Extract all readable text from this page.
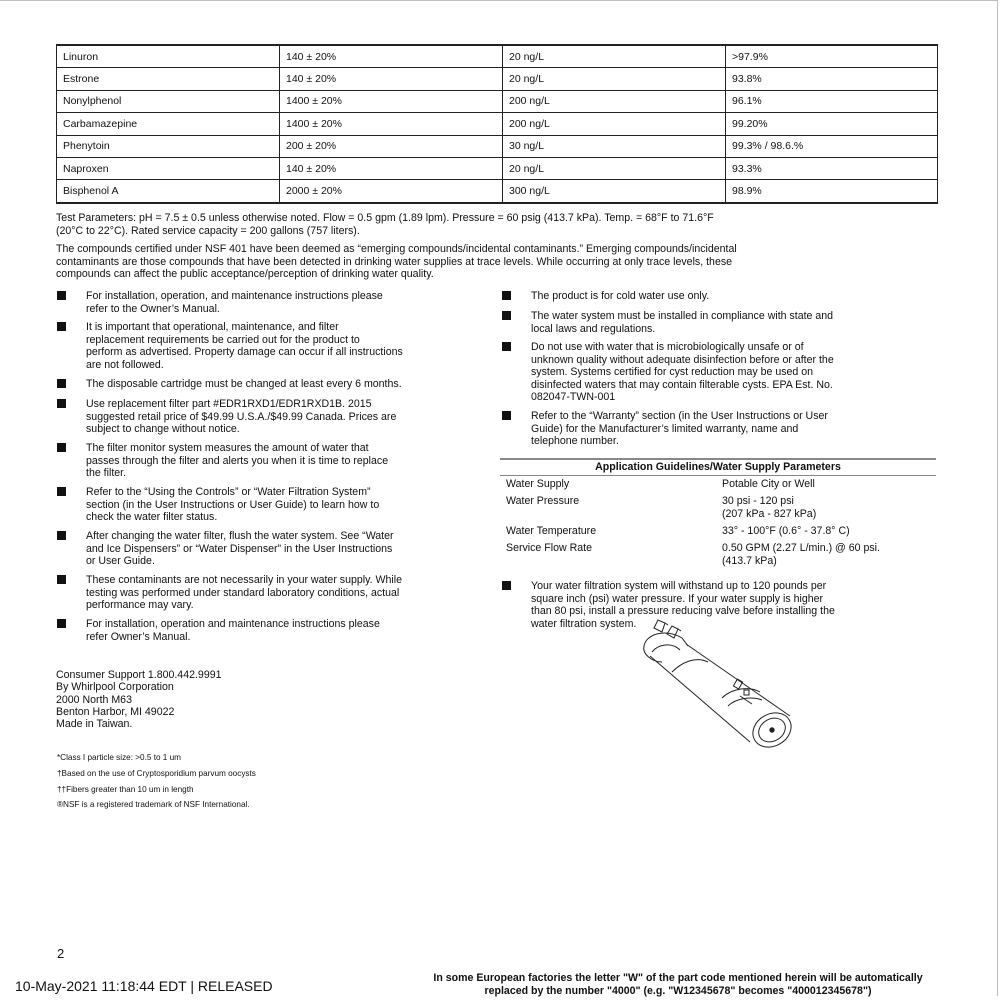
Linuron	140 ± 20%	20 ng/L	>97.9%
Estrone	140 ± 20%	20 ng/L	93.8%
Nonylphenol	1400 ± 20%	200 ng/L	96.1%
Carbamazepine	1400 ± 20%	200 ng/L	99.20%
Phenytoin	200 ± 20%	30 ng/L	99.3% / 98.6.%
Naproxen	140 ± 20%	20 ng/L	93.3%
Bisphenol A	2000 ± 20%	300 ng/L	98.9%
Test Parameters: pH = 7.5 ± 0.5 unless otherwise noted. Flow = 0.5 gpm (1.89 lpm). Pressure = 60 psig (413.7 kPa). Temp. = 68°F to 71.6°F
(20°C to 22°C). Rated service capacity = 200 gallons (757 liters).
The compounds certified under NSF 401 have been deemed as “emerging compounds/incidental contaminants.” Emerging compounds/incidental
contaminants are those compounds that have been detected in drinking water supplies at trace levels. While occurring at only trace levels, these
compounds can affect the public acceptance/perception of drinking water quality.
For installation, operation, and maintenance instructions please
refer to the Owner’s Manual.
It is important that operational, maintenance, and filter
replacement requirements be carried out for the product to
perform as advertised. Property damage can occur if all instructions
are not followed.
The disposable cartridge must be changed at least every 6 months.
Use replacement filter part #EDR1RXD1/EDR1RXD1B. 2015
suggested retail price of $49.99 U.S.A./$49.99 Canada. Prices are
subject to change without notice.
The filter monitor system measures the amount of water that
passes through the filter and alerts you when it is time to replace
the filter.
Refer to the “Using the Controls” or “Water Filtration System”
section (in the User Instructions or User Guide) to learn how to
check the water filter status.
After changing the water filter, flush the water system. See “Water
and Ice Dispensers” or “Water Dispenser” in the User Instructions
or User Guide.
These contaminants are not necessarily in your water supply. While
testing was performed under standard laboratory conditions, actual
performance may vary.
For installation, operation and maintenance instructions please
refer Owner’s Manual.
The product is for cold water use only.
The water system must be installed in compliance with state and
local laws and regulations.
Do not use with water that is microbiologically unsafe or of
unknown quality without adequate disinfection before or after the
system. Systems certified for cyst reduction may be used on
disinfected waters that may contain filterable cysts. EPA Est. No.
082047-TWN-001
Refer to the “Warranty” section (in the User Instructions or User
Guide) for the Manufacturer’s limited warranty, name and
telephone number.
Application Guidelines/Water Supply Parameters
Water Supply	Potable City or Well
Water Pressure	30 psi - 120 psi
(207 kPa - 827 kPa)
Water Temperature	33° - 100°F (0.6° - 37.8° C)
Service Flow Rate	0.50 GPM (2.27 L/min.) @ 60 psi.
(413.7 kPa)
Your water filtration system will withstand up to 120 pounds per
square inch (psi) water pressure. If your water supply is higher
than 80 psi, install a pressure reducing valve before installing the
water filtration system.
Consumer Support 1.800.442.9991
By Whirlpool Corporation
2000 North M63
Benton Harbor, MI 49022
Made in Taiwan.
*Class I particle size: >0.5 to 1 um
†Based on the use of Cryptosporidium parvum oocysts
††Fibers greater than 10 um in length
®NSF is a registered trademark of NSF International.
2
10-May-2021 11:18:44 EDT | RELEASED	In some European factories the letter "W" of the part code mentioned herein will be automatically
replaced by the number "4000" (e.g. "W12345678" becomes "400012345678")
